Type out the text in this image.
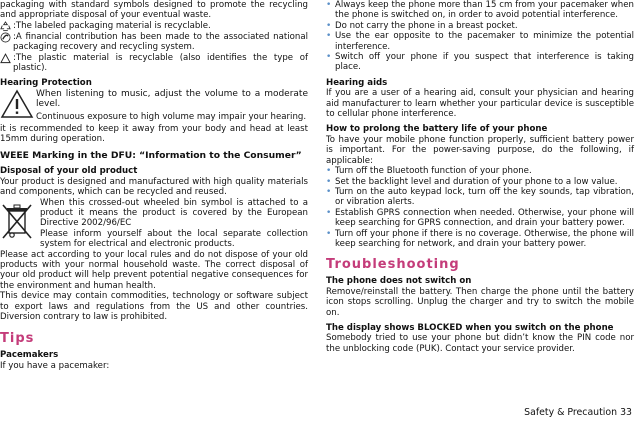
packaging with standard symbols designed to promote the recycling and appropriate disposal of your eventual waste.

:The labeled packaging material is recyclable.

:A financial contribution has been made to the associated national packaging recovery and recycling system.

:The plastic material is recyclable (also identifies the type of plastic).

Hearing Protection

When listening to music, adjust the volume to a moderate level.

Continuous exposure to high volume may impair your hearing.

it is recommended to keep it away from your body and head at least 15mm during operation.

WEEE Marking in the DFU: “Information to the Consumer”
Disposal of your old product

Your product is designed and manufactured with high quality materials and components, which can be recycled and reused.

When this crossed-out wheeled bin symbol is attached to a product it means the product is covered by the European Directive 2002/96/EC

Please inform yourself about the local separate collection system for electrical and electronic products.

Please act according to your local rules and do not dispose of your old products with your normal household waste. The correct disposal of your old product will help prevent potential negative consequences for the environment and human health.

This device may contain commodities, technology or software subject to export laws and regulations from the US and other countries. Diversion contrary to law is prohibited.

Tips
Pacemakers

If you have a pacemaker:

• Always keep the phone more than 15 cm from your pacemaker when the phone is switched on, in order to avoid potential interference.
• Do not carry the phone in a breast pocket.
• Use the ear opposite to the pacemaker to minimize the potential interference.
• Switch off your phone if you suspect that interference is taking place.
Hearing aids

If you are a user of a hearing aid, consult your physician and hearing aid manufacturer to learn whether your particular device is susceptible to cellular phone interference.

How to prolong the battery life of your phone

To have your mobile phone function properly, sufficient battery power is important. For the power-saving purpose, do the following, if applicable:

• Turn off the Bluetooth function of your phone.
• Set the backlight level and duration of your phone to a low value.
• Turn on the auto keypad lock, turn off the key sounds, tap vibration, or vibration alerts.
• Establish GPRS connection when needed. Otherwise, your phone will keep searching for GPRS connection, and drain your battery power.
• Turn off your phone if there is no coverage. Otherwise, the phone will keep searching for network, and drain your battery power.
Troubleshooting
The phone does not switch on

Remove/reinstall the battery. Then charge the phone until the battery icon stops scrolling. Unplug the charger and try to switch the mobile on.

The display shows BLOCKED when you switch on the phone

Somebody tried to use your phone but didn’t know the PIN code nor the unblocking code (PUK). Contact your service provider.

Safety & Precaution 33
